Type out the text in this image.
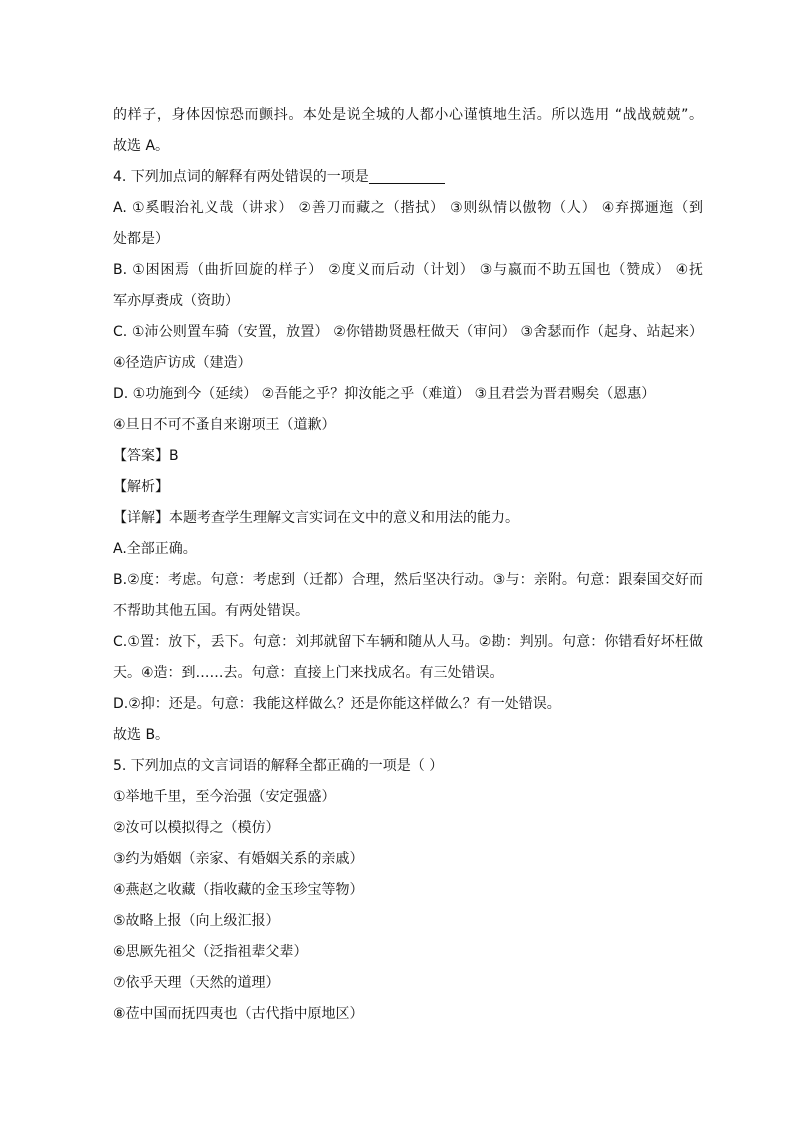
的样子，身体因惊恐而颤抖。本处是说全城的人都小心谨慎地生活。所以选用 “战战兢兢”。
故选 A。
4. 下列加点词的解释有两处错误的一项是
A. ①奚暇治礼义哉（讲求） ②善刀而藏之（揩拭） ③则纵情以傲物（人） ④弃掷逦迤（到
处都是）
B. ①困困焉（曲折回旋的样子） ②度义而后动（计划） ③与嬴而不助五国也（赞成） ④抚
军亦厚赉成（资助）
C. ①沛公则置车骑（安置，放置） ②你错勘贤愚枉做天（审问） ③舍瑟而作（起身、站起来）
④径造庐访成（建造）
D. ①功施到今（延续） ②吾能之乎？抑汝能之乎（难道） ③且君尝为晋君赐矣（恩惠）
④旦日不可不蚤自来谢项王（道歉）
【答案】B
【解析】
【详解】本题考查学生理解文言实词在文中的意义和用法的能力。
A.全部正确。
B.②度：考虑。句意：考虑到（迁都）合理，然后坚决行动。③与：亲附。句意：跟秦国交好而
不帮助其他五国。有两处错误。
C.①置：放下，丢下。句意：刘邦就留下车辆和随从人马。②勘：判别。句意：你错看好坏枉做
天。④造：到……去。句意：直接上门来找成名。有三处错误。
D.②抑：还是。句意：我能这样做么？还是你能这样做么？有一处错误。
故选 B。
5. 下列加点的文言词语的解释全都正确的一项是（ ）
①举地千里，至今治强（安定强盛）
②汝可以模拟得之（模仿）
③约为婚姻（亲家、有婚姻关系的亲戚）
④燕赵之收藏（指收藏的金玉珍宝等物）
⑤故略上报（向上级汇报）
⑥思厥先祖父（泛指祖辈父辈）
⑦依乎天理（天然的道理）
⑧莅中国而抚四夷也（古代指中原地区）
